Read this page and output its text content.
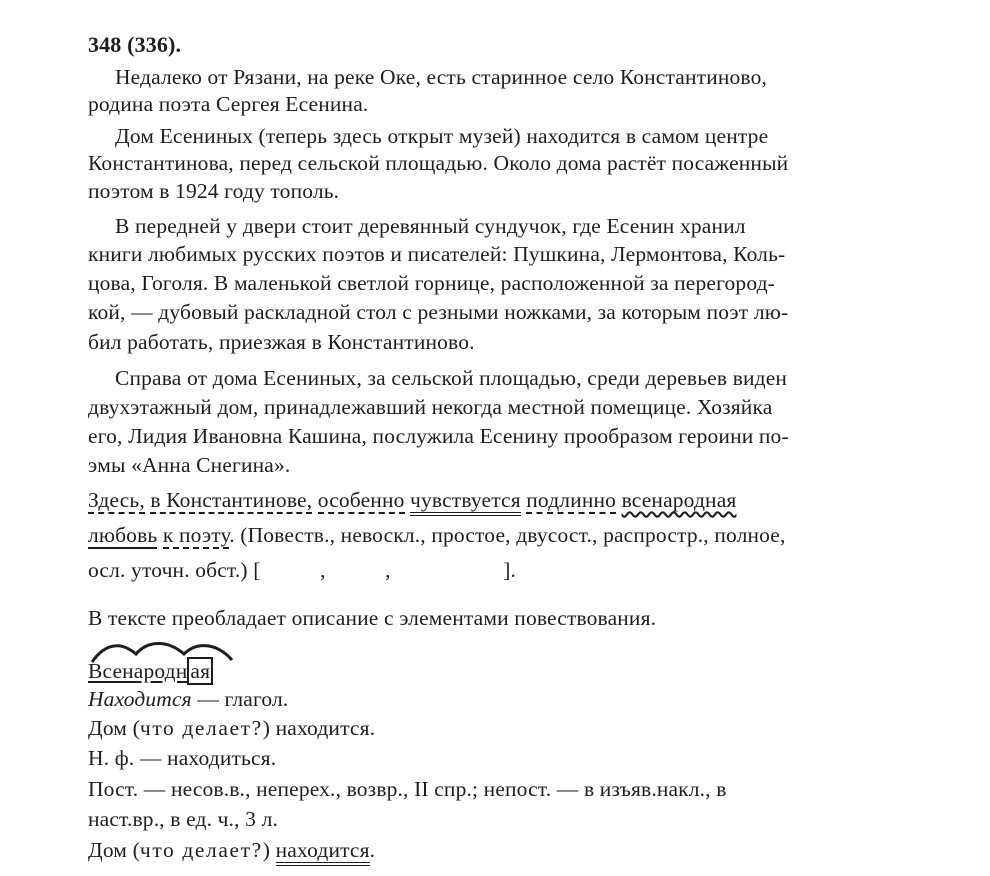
348 (336).
Недалеко от Рязани, на реке Оке, есть старинное село Константиново,
родина поэта Сергея Есенина.
Дом Есениных (теперь здесь открыт музей) находится в самом центре
Константинова, перед сельской площадью. Около дома растёт посаженный
поэтом в 1924 году тополь.
В передней у двери стоит деревянный сундучок, где Есенин хранил
книги любимых русских поэтов и писателей: Пушкина, Лермонтова, Коль-
цова, Гоголя. В маленькой светлой горнице, расположенной за перегород-
кой, — дубовый раскладной стол с резными ножками, за которым поэт лю-
бил работать, приезжая в Константиново.
Справа от дома Есениных, за сельской площадью, среди деревьев виден
двухэтажный дом, принадлежавший некогда местной помещице. Хозяйка
его, Лидия Ивановна Кашина, послужила Есенину прообразом героини по-
эмы «Анна Снегина».
Здесь, в Константинове, особенно чувствуется подлинно всенародная
любовь к поэту. (Повеств., невоскл., простое, двусост., распростр., полное,
осл. уточн. обст.) [	,	,	].
В тексте преобладает описание с элементами повествования.
Всенародн ая
Находится — глагол.
Дом (что делает?) находится.
Н. ф. — находиться.
Пост. — несов.в., неперех., возвр., II спр.; непост. — в изъяв.накл., в
наст.вр., в ед. ч., 3 л.
Дом (что делает?) находится.
